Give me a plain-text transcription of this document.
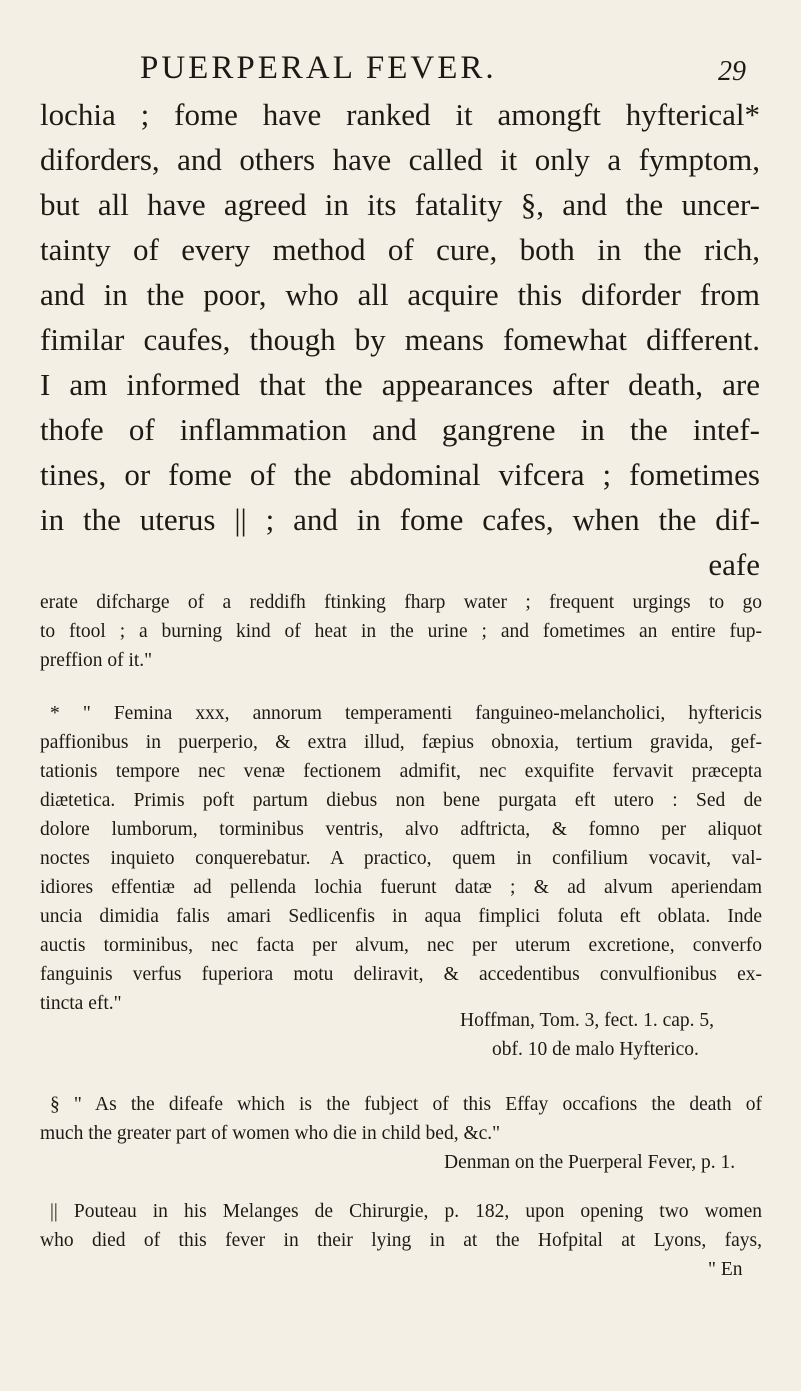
PUERPERAL FEVER.	29
lochia ; fome have ranked it amongft hyfterical*
diforders, and others have called it only a fymptom,
but all have agreed in its fatality §, and the uncer-
tainty of every method of cure, both in the rich,
and in the poor, who all acquire this diforder from
fimilar caufes, though by means fomewhat different.
I am informed that the appearances after death, are
thofe of inflammation and gangrene in the intef-
tines, or fome of the abdominal vifcera ; fometimes
in the uterus || ; and in fome cafes, when the dif-
eafe
erate difcharge of a reddifh ftinking fharp water ; frequent urgings to go
to ftool ; a burning kind of heat in the urine ; and fometimes an entire fup-
preffion of it."
* " Femina xxx, annorum temperamenti fanguineo-melancholici, hyftericis
paffionibus in puerperio, & extra illud, fæpius obnoxia, tertium gravida, gef-
tationis tempore nec venæ fectionem admifit, nec exquifite fervavit præcepta
diætetica. Primis poft partum diebus non bene purgata eft utero : Sed de
dolore lumborum, torminibus ventris, alvo adftricta, & fomno per aliquot
noctes inquieto conquerebatur. A practico, quem in confilium vocavit, val-
idiores effentiæ ad pellenda lochia fuerunt datæ ; & ad alvum aperiendam
uncia dimidia falis amari Sedlicenfis in aqua fimplici foluta eft oblata. Inde
auctis torminibus, nec facta per alvum, nec per uterum excretione, converfo
fanguinis verfus fuperiora motu deliravit, & accedentibus convulfionibus ex-
tincta eft."
Hoffman, Tom. 3, fect. 1. cap. 5,
obf. 10 de malo Hyfterico.
§ " As the difeafe which is the fubject of this Effay occafions the death of
much the greater part of women who die in child bed, &c."
Denman on the Puerperal Fever, p. 1.
|| Pouteau in his Melanges de Chirurgie, p. 182, upon opening two women
who died of this fever in their lying in at the Hofpital at Lyons, fays,
" En
